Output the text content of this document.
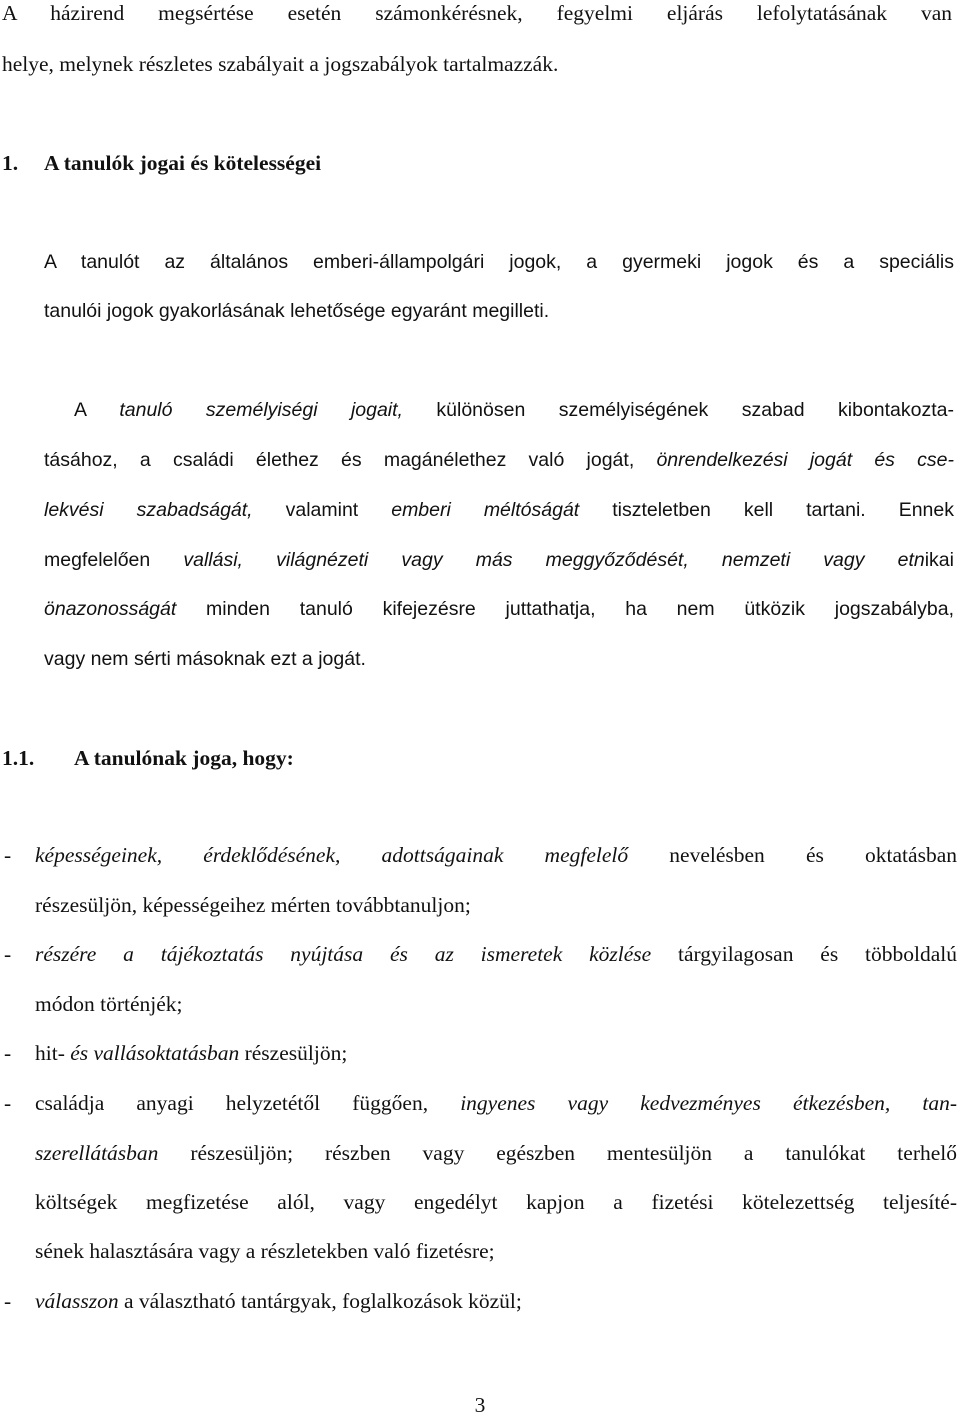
A házirend megsértése esetén számonkérésnek, fegyelmi eljárás lefolytatásának van
helye, melynek részletes szabályait a jogszabályok tartalmazzák.
1. A tanulók jogai és kötelességei
A tanulót az általános emberi-állampolgári jogok, a gyermeki jogok és a speciális
tanulói jogok gyakorlásának lehetősége egyaránt megilleti.
A tanuló személyiségi jogait, különösen személyiségének szabad kibontakozta-
tásához, a családi élethez és magánélethez való jogát, önrendelkezési jogát és cse-
lekvési szabadságát, valamint emberi méltóságát tiszteletben kell tartani. Ennek
megfelelően vallási, világnézeti vagy más meggyőződését, nemzeti vagy etnikai
önazonosságát minden tanuló kifejezésre juttathatja, ha nem ütközik jogszabályba,
vagy nem sérti másoknak ezt a jogát.
1.1. A tanulónak joga, hogy:
- képességeinek, érdeklődésének, adottságainak megfelelő nevelésben és oktatásban
részesüljön, képességeihez mérten továbbtanuljon;
- részére a tájékoztatás nyújtása és az ismeretek közlése tárgyilagosan és többoldalú
módon történjék;
- hit- és vallásoktatásban részesüljön;
- családja anyagi helyzetétől függően, ingyenes vagy kedvezményes étkezésben, tan-
szerellátásban részesüljön; részben vagy egészben mentesüljön a tanulókat terhelő
költségek megfizetése alól, vagy engedélyt kapjon a fizetési kötelezettség teljesíté-
sének halasztására vagy a részletekben való fizetésre;
- válasszon a választható tantárgyak, foglalkozások közül;
3
